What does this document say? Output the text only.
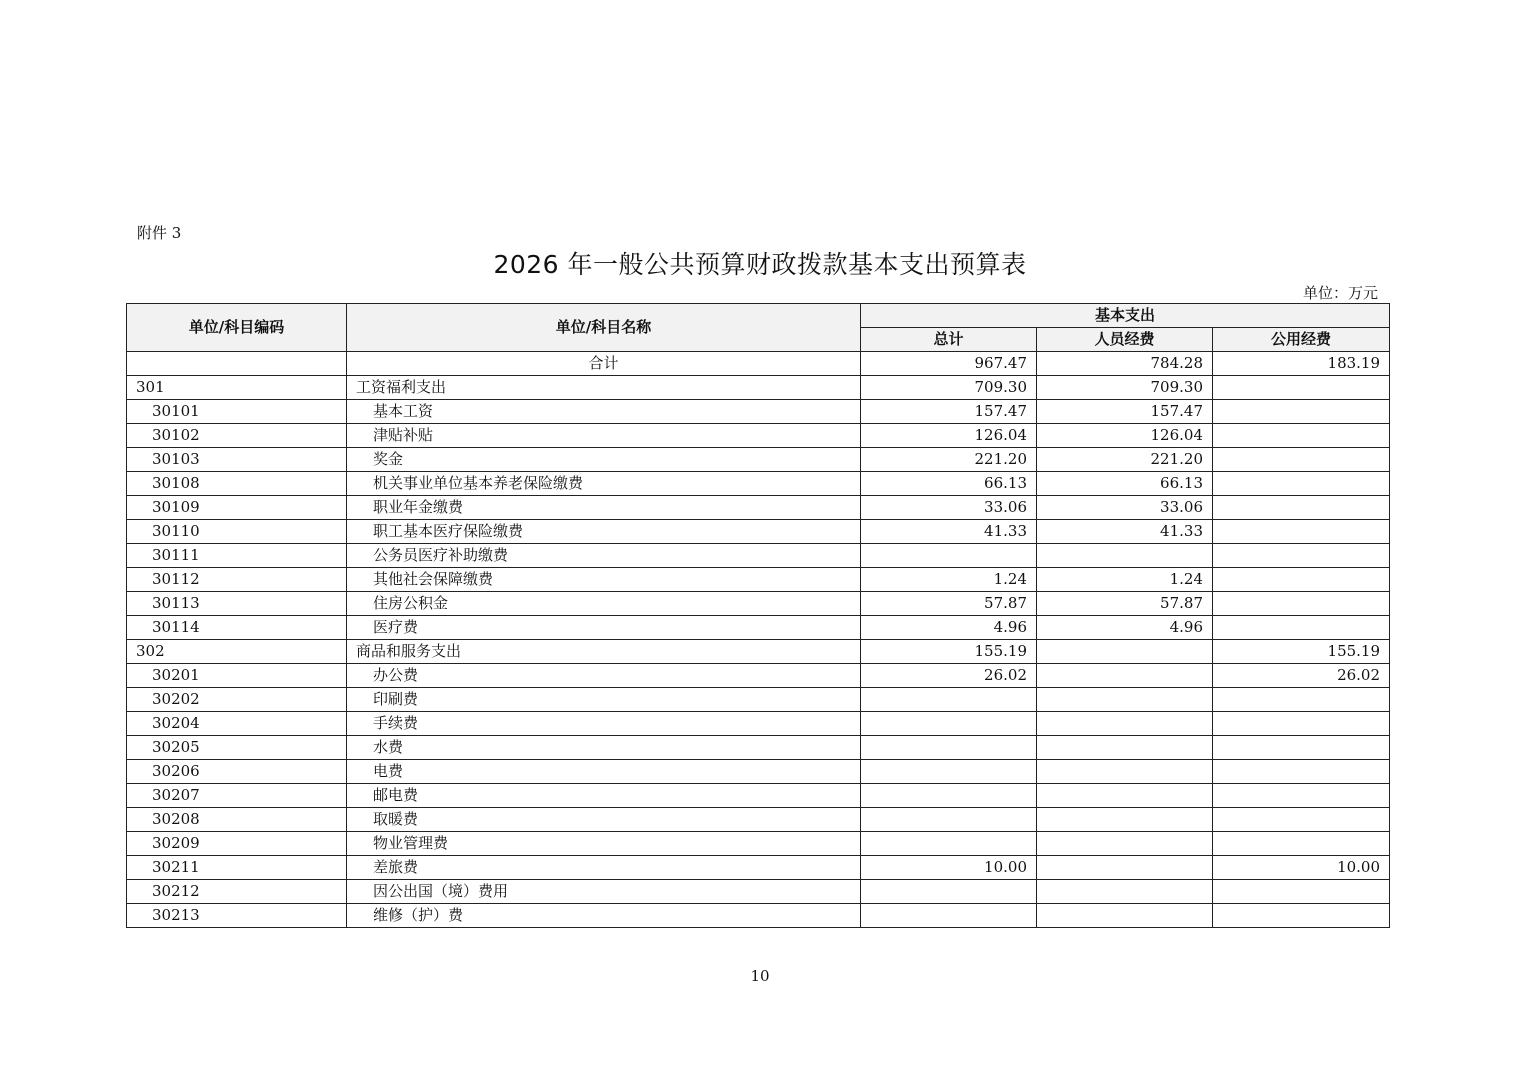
附件 3
2026 年一般公共预算财政拨款基本支出预算表
单位：万元
单位/科目编码	单位/科目名称	基本支出		
		总计	人员经费	公用经费
	合计	967.47	784.28	183.19
301	工资福利支出	709.30	709.30	
30101	基本工资	157.47	157.47	
30102	津贴补贴	126.04	126.04	
30103	奖金	221.20	221.20	
30108	机关事业单位基本养老保险缴费	66.13	66.13	
30109	职业年金缴费	33.06	33.06	
30110	职工基本医疗保险缴费	41.33	41.33	
30111	公务员医疗补助缴费			
30112	其他社会保障缴费	1.24	1.24	
30113	住房公积金	57.87	57.87	
30114	医疗费	4.96	4.96	
302	商品和服务支出	155.19		155.19
30201	办公费	26.02		26.02
30202	印刷费			
30204	手续费			
30205	水费			
30206	电费			
30207	邮电费			
30208	取暖费			
30209	物业管理费			
30211	差旅费	10.00		10.00
30212	因公出国（境）费用			
30213	维修（护）费			
10
